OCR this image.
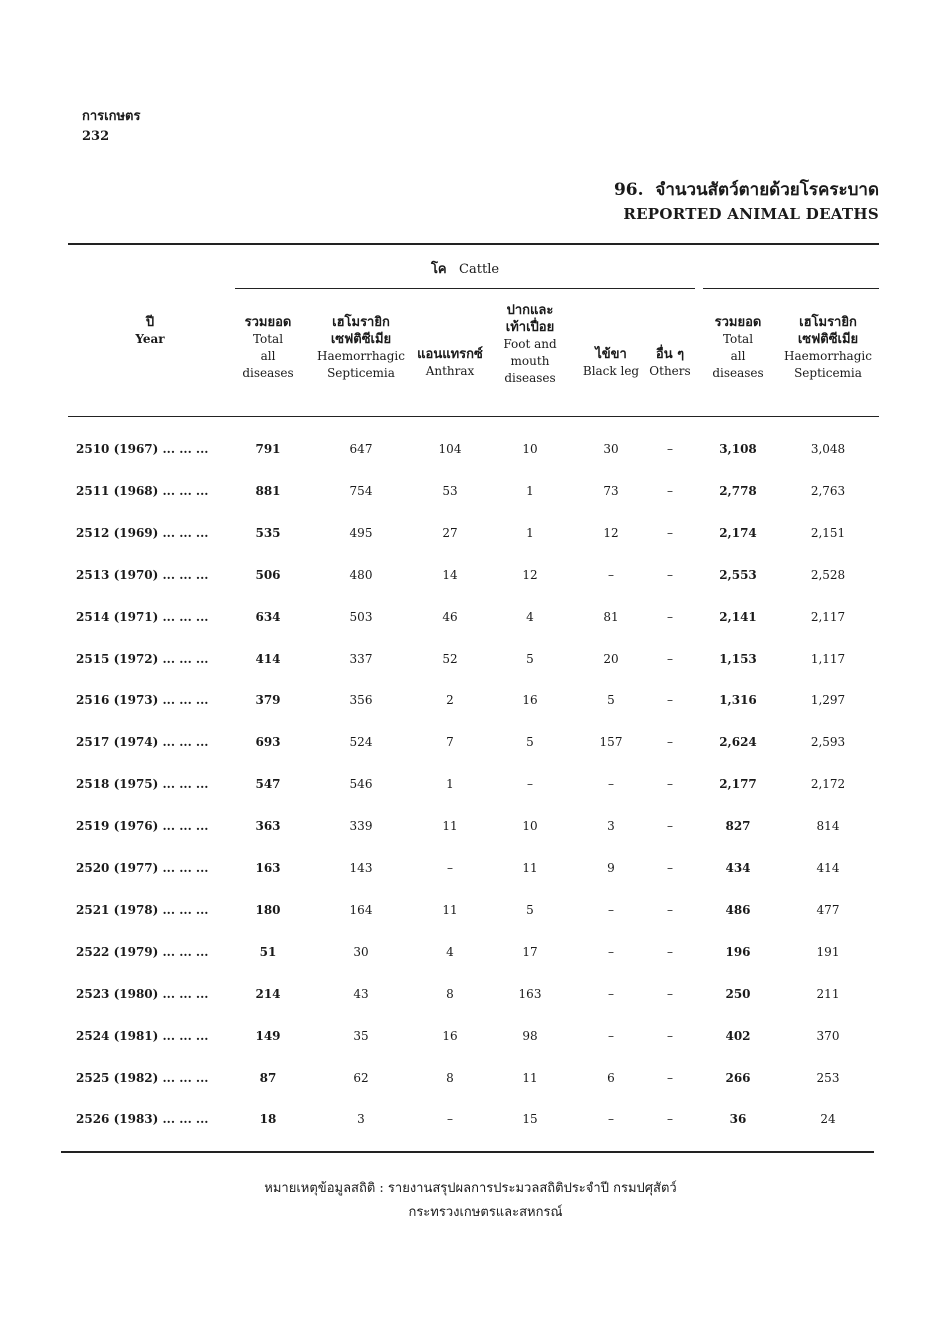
การเกษตร
232
96. จำนวนสัตว์ตายด้วยโรคระบาด
REPORTED ANIMAL DEATHS
โค Cattle
ปี
Year
รวมยอด
Total
all
diseases
เฮโมรายิก
เซฟติซีเมีย
Haemorrhagic
Septicemia
แอนแทรกซ์
Anthrax
ปากและ
เท้าเปื่อย
Foot and
mouth
diseases
ไข้ขา
Black leg
อื่น ๆ
Others
รวมยอด
Total
all
diseases
เฮโมรายิก
เซฟติซีเมีย
Haemorrhagic
Septicemia
2510 (1967) ... ... ...	791	647	104	10	30	–	3,108	3,048
2511 (1968) ... ... ...	881	754	53	1	73	–	2,778	2,763
2512 (1969) ... ... ...	535	495	27	1	12	–	2,174	2,151
2513 (1970) ... ... ...	506	480	14	12	–	–	2,553	2,528
2514 (1971) ... ... ...	634	503	46	4	81	–	2,141	2,117
2515 (1972) ... ... ...	414	337	52	5	20	–	1,153	1,117
2516 (1973) ... ... ...	379	356	2	16	5	–	1,316	1,297
2517 (1974) ... ... ...	693	524	7	5	157	–	2,624	2,593
2518 (1975) ... ... ...	547	546	1	–	–	–	2,177	2,172
2519 (1976) ... ... ...	363	339	11	10	3	–	827	814
2520 (1977) ... ... ...	163	143	–	11	9	–	434	414
2521 (1978) ... ... ...	180	164	11	5	–	–	486	477
2522 (1979) ... ... ...	51	30	4	17	–	–	196	191
2523 (1980) ... ... ...	214	43	8	163	–	–	250	211
2524 (1981) ... ... ...	149	35	16	98	–	–	402	370
2525 (1982) ... ... ...	87	62	8	11	6	–	266	253
2526 (1983) ... ... ...	18	3	–	15	–	–	36	24
หมายเหตุข้อมูลสถิติ : รายงานสรุปผลการประมวลสถิติประจำปี กรมปศุสัตว์
กระทรวงเกษตรและสหกรณ์
